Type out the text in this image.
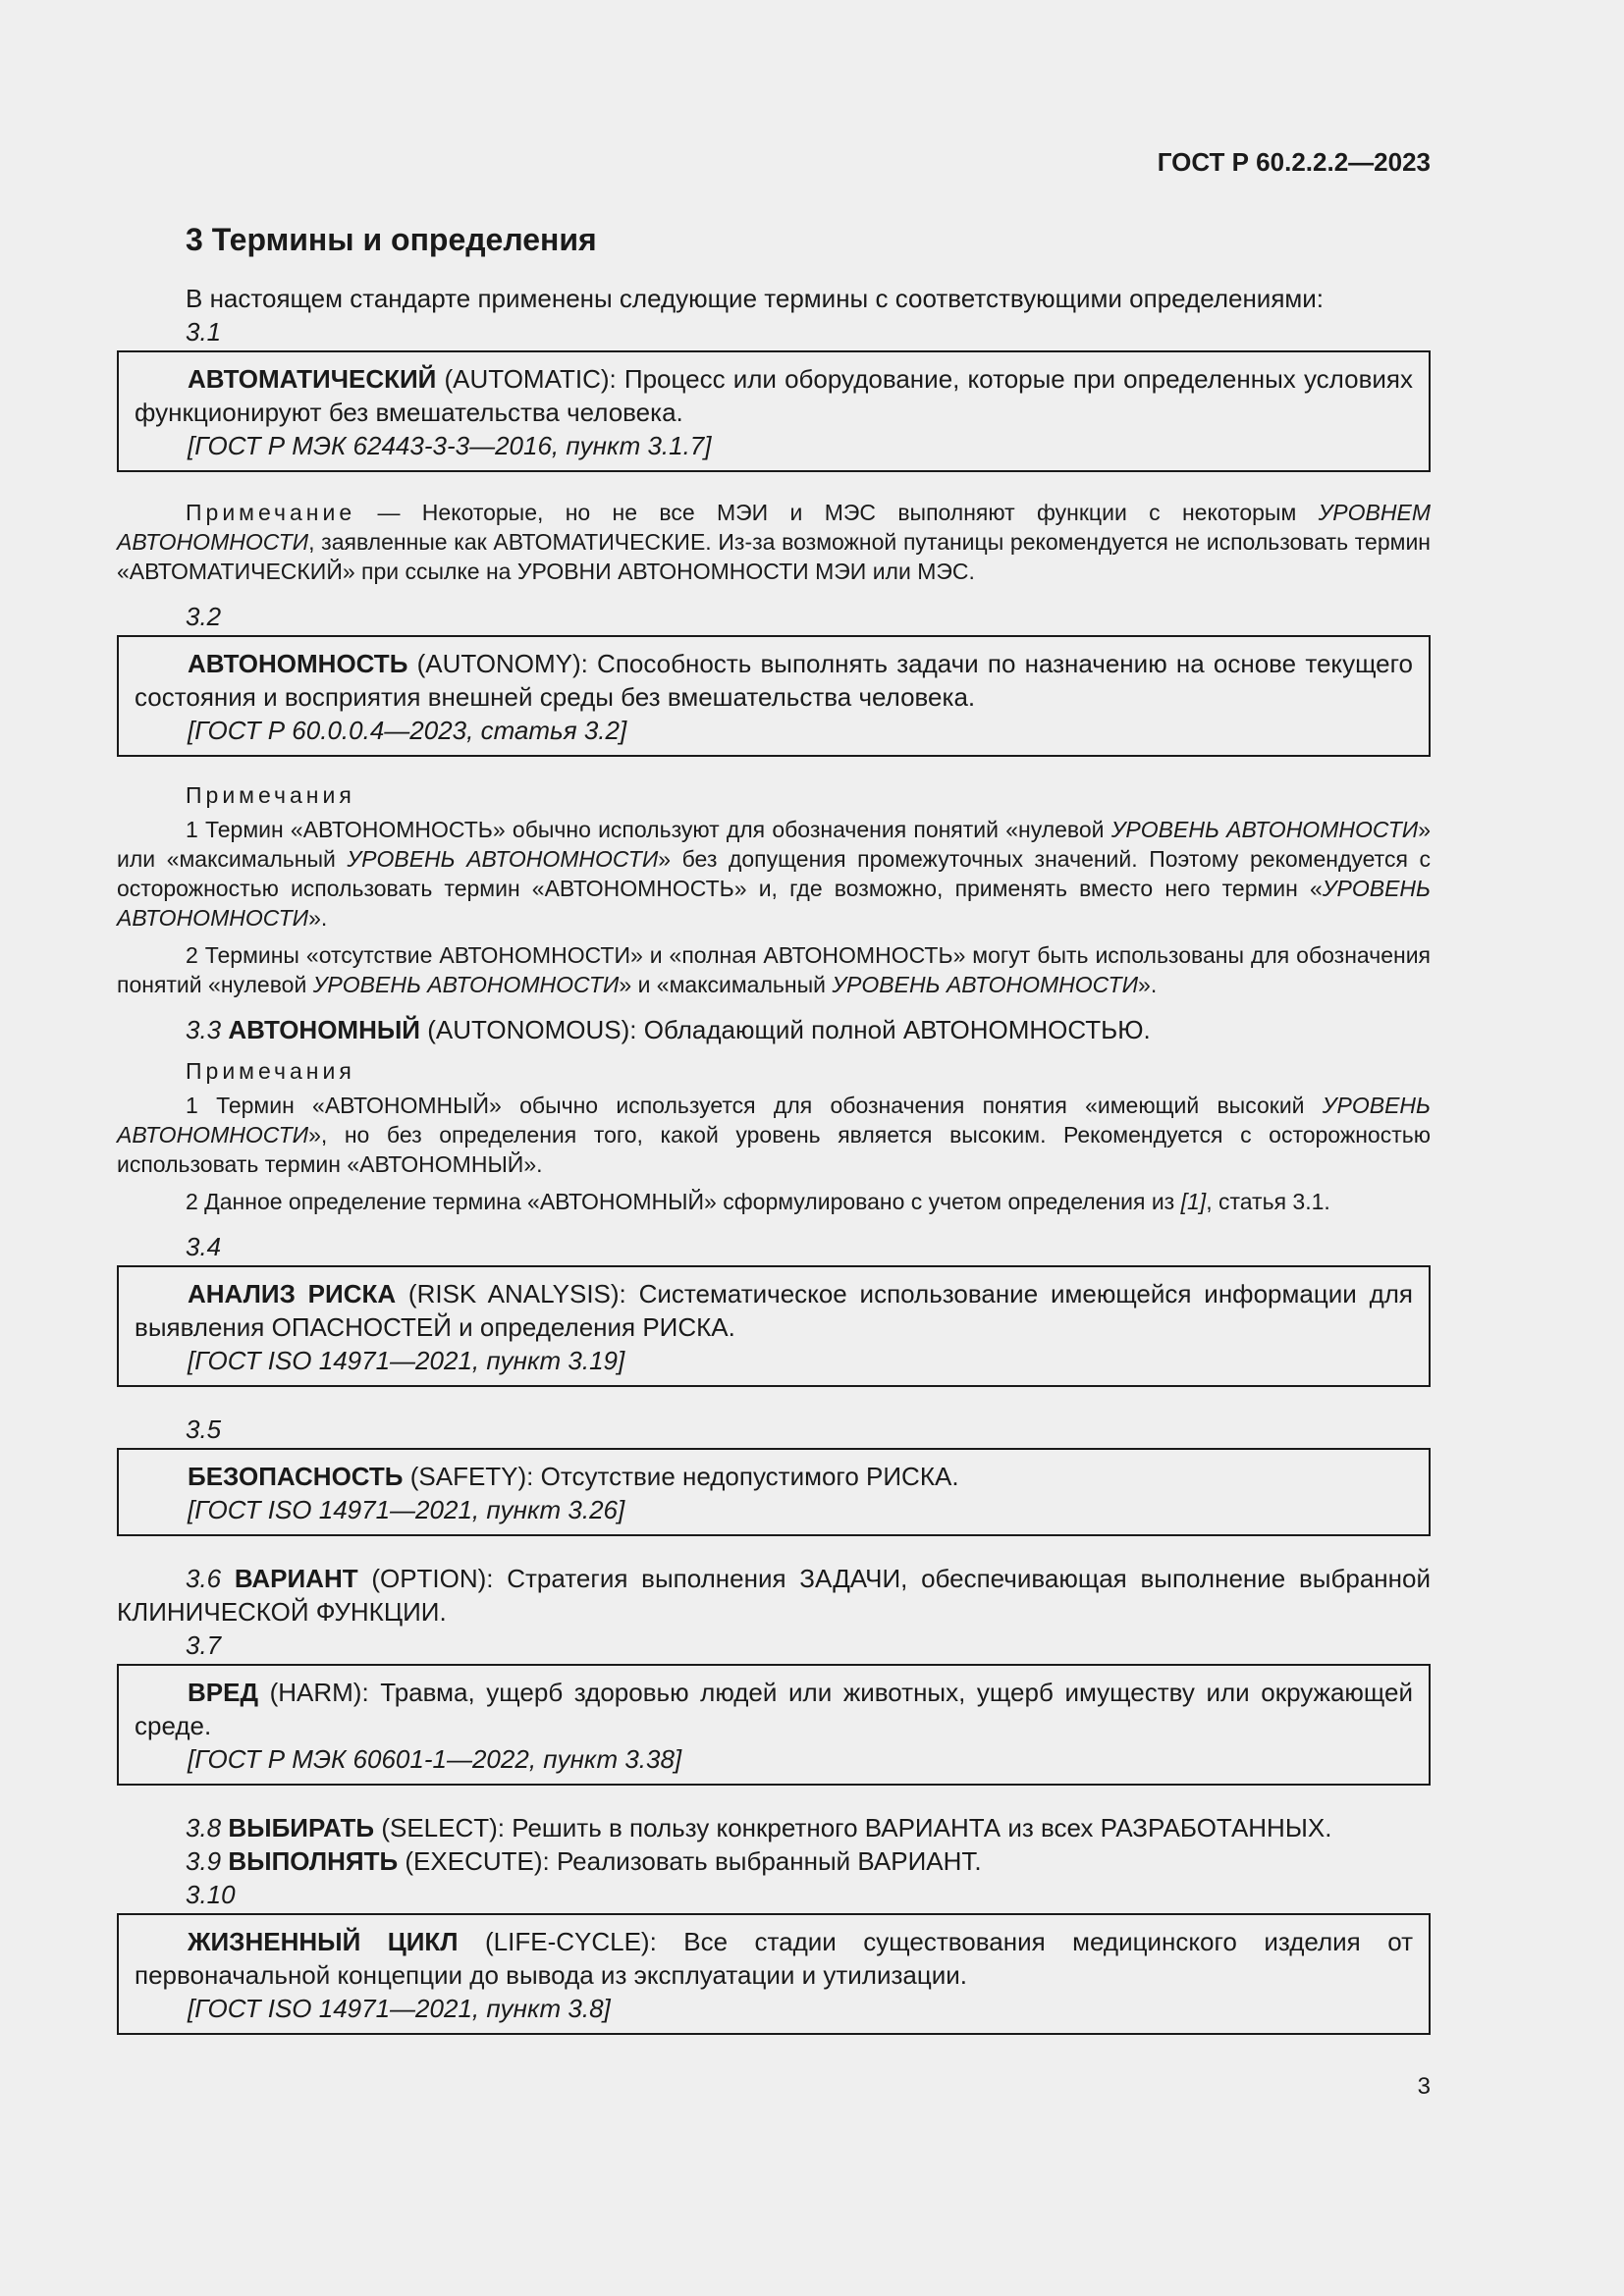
ГОСТ Р 60.2.2.2—2023
3 Термины и определения

В настоящем стандарте применены следующие термины с соответствующими определениями:

3.1

АВТОМАТИЧЕСКИЙ (AUTOMATIC): Процесс или оборудование, которые при определенных условиях функционируют без вмешательства человека.

[ГОСТ Р МЭК 62443-3-3—2016, пункт 3.1.7]

Примечание — Некоторые, но не все МЭИ и МЭС выполняют функции с некоторым УРОВНЕМ АВТОНОМНОСТИ, заявленные как АВТОМАТИЧЕСКИЕ. Из-за возможной путаницы рекомендуется не использовать термин «АВТОМАТИЧЕСКИЙ» при ссылке на УРОВНИ АВТОНОМНОСТИ МЭИ или МЭС.

3.2

АВТОНОМНОСТЬ (AUTONOMY): Способность выполнять задачи по назначению на основе текущего состояния и восприятия внешней среды без вмешательства человека.

[ГОСТ Р 60.0.0.4—2023, статья 3.2]

Примечания

1 Термин «АВТОНОМНОСТЬ» обычно используют для обозначения понятий «нулевой УРОВЕНЬ АВТОНОМНОСТИ» или «максимальный УРОВЕНЬ АВТОНОМНОСТИ» без допущения промежуточных значений. Поэтому рекомендуется с осторожностью использовать термин «АВТОНОМНОСТЬ» и, где возможно, применять вместо него термин «УРОВЕНЬ АВТОНОМНОСТИ».

2 Термины «отсутствие АВТОНОМНОСТИ» и «полная АВТОНОМНОСТЬ» могут быть использованы для обозначения понятий «нулевой УРОВЕНЬ АВТОНОМНОСТИ» и «максимальный УРОВЕНЬ АВТОНОМНОСТИ».

3.3 АВТОНОМНЫЙ (AUTONOMOUS): Обладающий полной АВТОНОМНОСТЬЮ.

Примечания

1 Термин «АВТОНОМНЫЙ» обычно используется для обозначения понятия «имеющий высокий УРОВЕНЬ АВТОНОМНОСТИ», но без определения того, какой уровень является высоким. Рекомендуется с осторожностью использовать термин «АВТОНОМНЫЙ».

2 Данное определение термина «АВТОНОМНЫЙ» сформулировано с учетом определения из [1], статья 3.1.

3.4

АНАЛИЗ РИСКА (RISK ANALYSIS): Систематическое использование имеющейся информации для выявления ОПАСНОСТЕЙ и определения РИСКА.

[ГОСТ ISO 14971—2021, пункт 3.19]

3.5

БЕЗОПАСНОСТЬ (SAFETY): Отсутствие недопустимого РИСКА.

[ГОСТ ISO 14971—2021, пункт 3.26]

3.6 ВАРИАНТ (OPTION): Стратегия выполнения ЗАДАЧИ, обеспечивающая выполнение выбранной КЛИНИЧЕСКОЙ ФУНКЦИИ.

3.7

ВРЕД (HARM): Травма, ущерб здоровью людей или животных, ущерб имуществу или окружающей среде.

[ГОСТ Р МЭК 60601-1—2022, пункт 3.38]

3.8 ВЫБИРАТЬ (SELECT): Решить в пользу конкретного ВАРИАНТА из всех РАЗРАБОТАННЫХ.

3.9 ВЫПОЛНЯТЬ (EXECUTE): Реализовать выбранный ВАРИАНТ.

3.10

ЖИЗНЕННЫЙ ЦИКЛ (LIFE-CYCLE): Все стадии существования медицинского изделия от первоначальной концепции до вывода из эксплуатации и утилизации.

[ГОСТ ISO 14971—2021, пункт 3.8]

3
